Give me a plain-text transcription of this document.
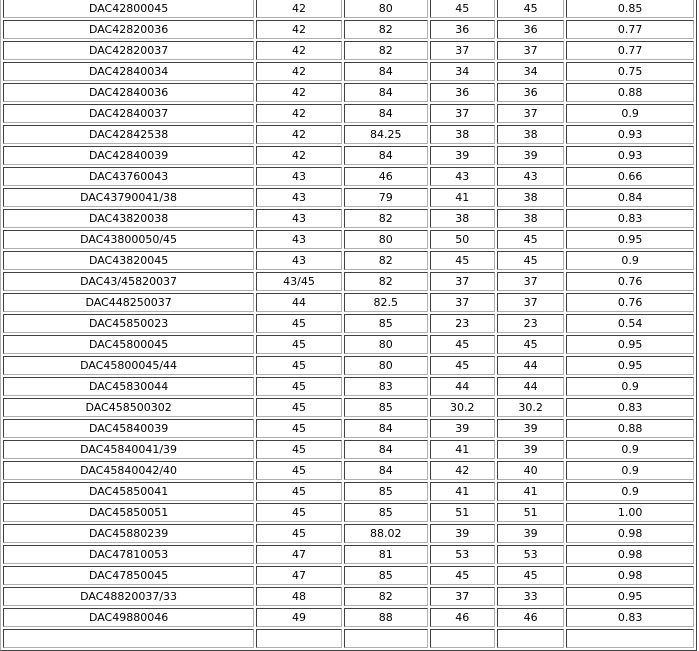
DAC42800045	42	80	45	45	0.85
DAC42820036	42	82	36	36	0.77
DAC42820037	42	82	37	37	0.77
DAC42840034	42	84	34	34	0.75
DAC42840036	42	84	36	36	0.88
DAC42840037	42	84	37	37	0.9
DAC42842538	42	84.25	38	38	0.93
DAC42840039	42	84	39	39	0.93
DAC43760043	43	46	43	43	0.66
DAC43790041/38	43	79	41	38	0.84
DAC43820038	43	82	38	38	0.83
DAC43800050/45	43	80	50	45	0.95
DAC43820045	43	82	45	45	0.9
DAC43/45820037	43/45	82	37	37	0.76
DAC448250037	44	82.5	37	37	0.76
DAC45850023	45	85	23	23	0.54
DAC45800045	45	80	45	45	0.95
DAC45800045/44	45	80	45	44	0.95
DAC45830044	45	83	44	44	0.9
DAC458500302	45	85	30.2	30.2	0.83
DAC45840039	45	84	39	39	0.88
DAC45840041/39	45	84	41	39	0.9
DAC45840042/40	45	84	42	40	0.9
DAC45850041	45	85	41	41	0.9
DAC45850051	45	85	51	51	1.00
DAC45880239	45	88.02	39	39	0.98
DAC47810053	47	81	53	53	0.98
DAC47850045	47	85	45	45	0.98
DAC48820037/33	48	82	37	33	0.95
DAC49880046	49	88	46	46	0.83
